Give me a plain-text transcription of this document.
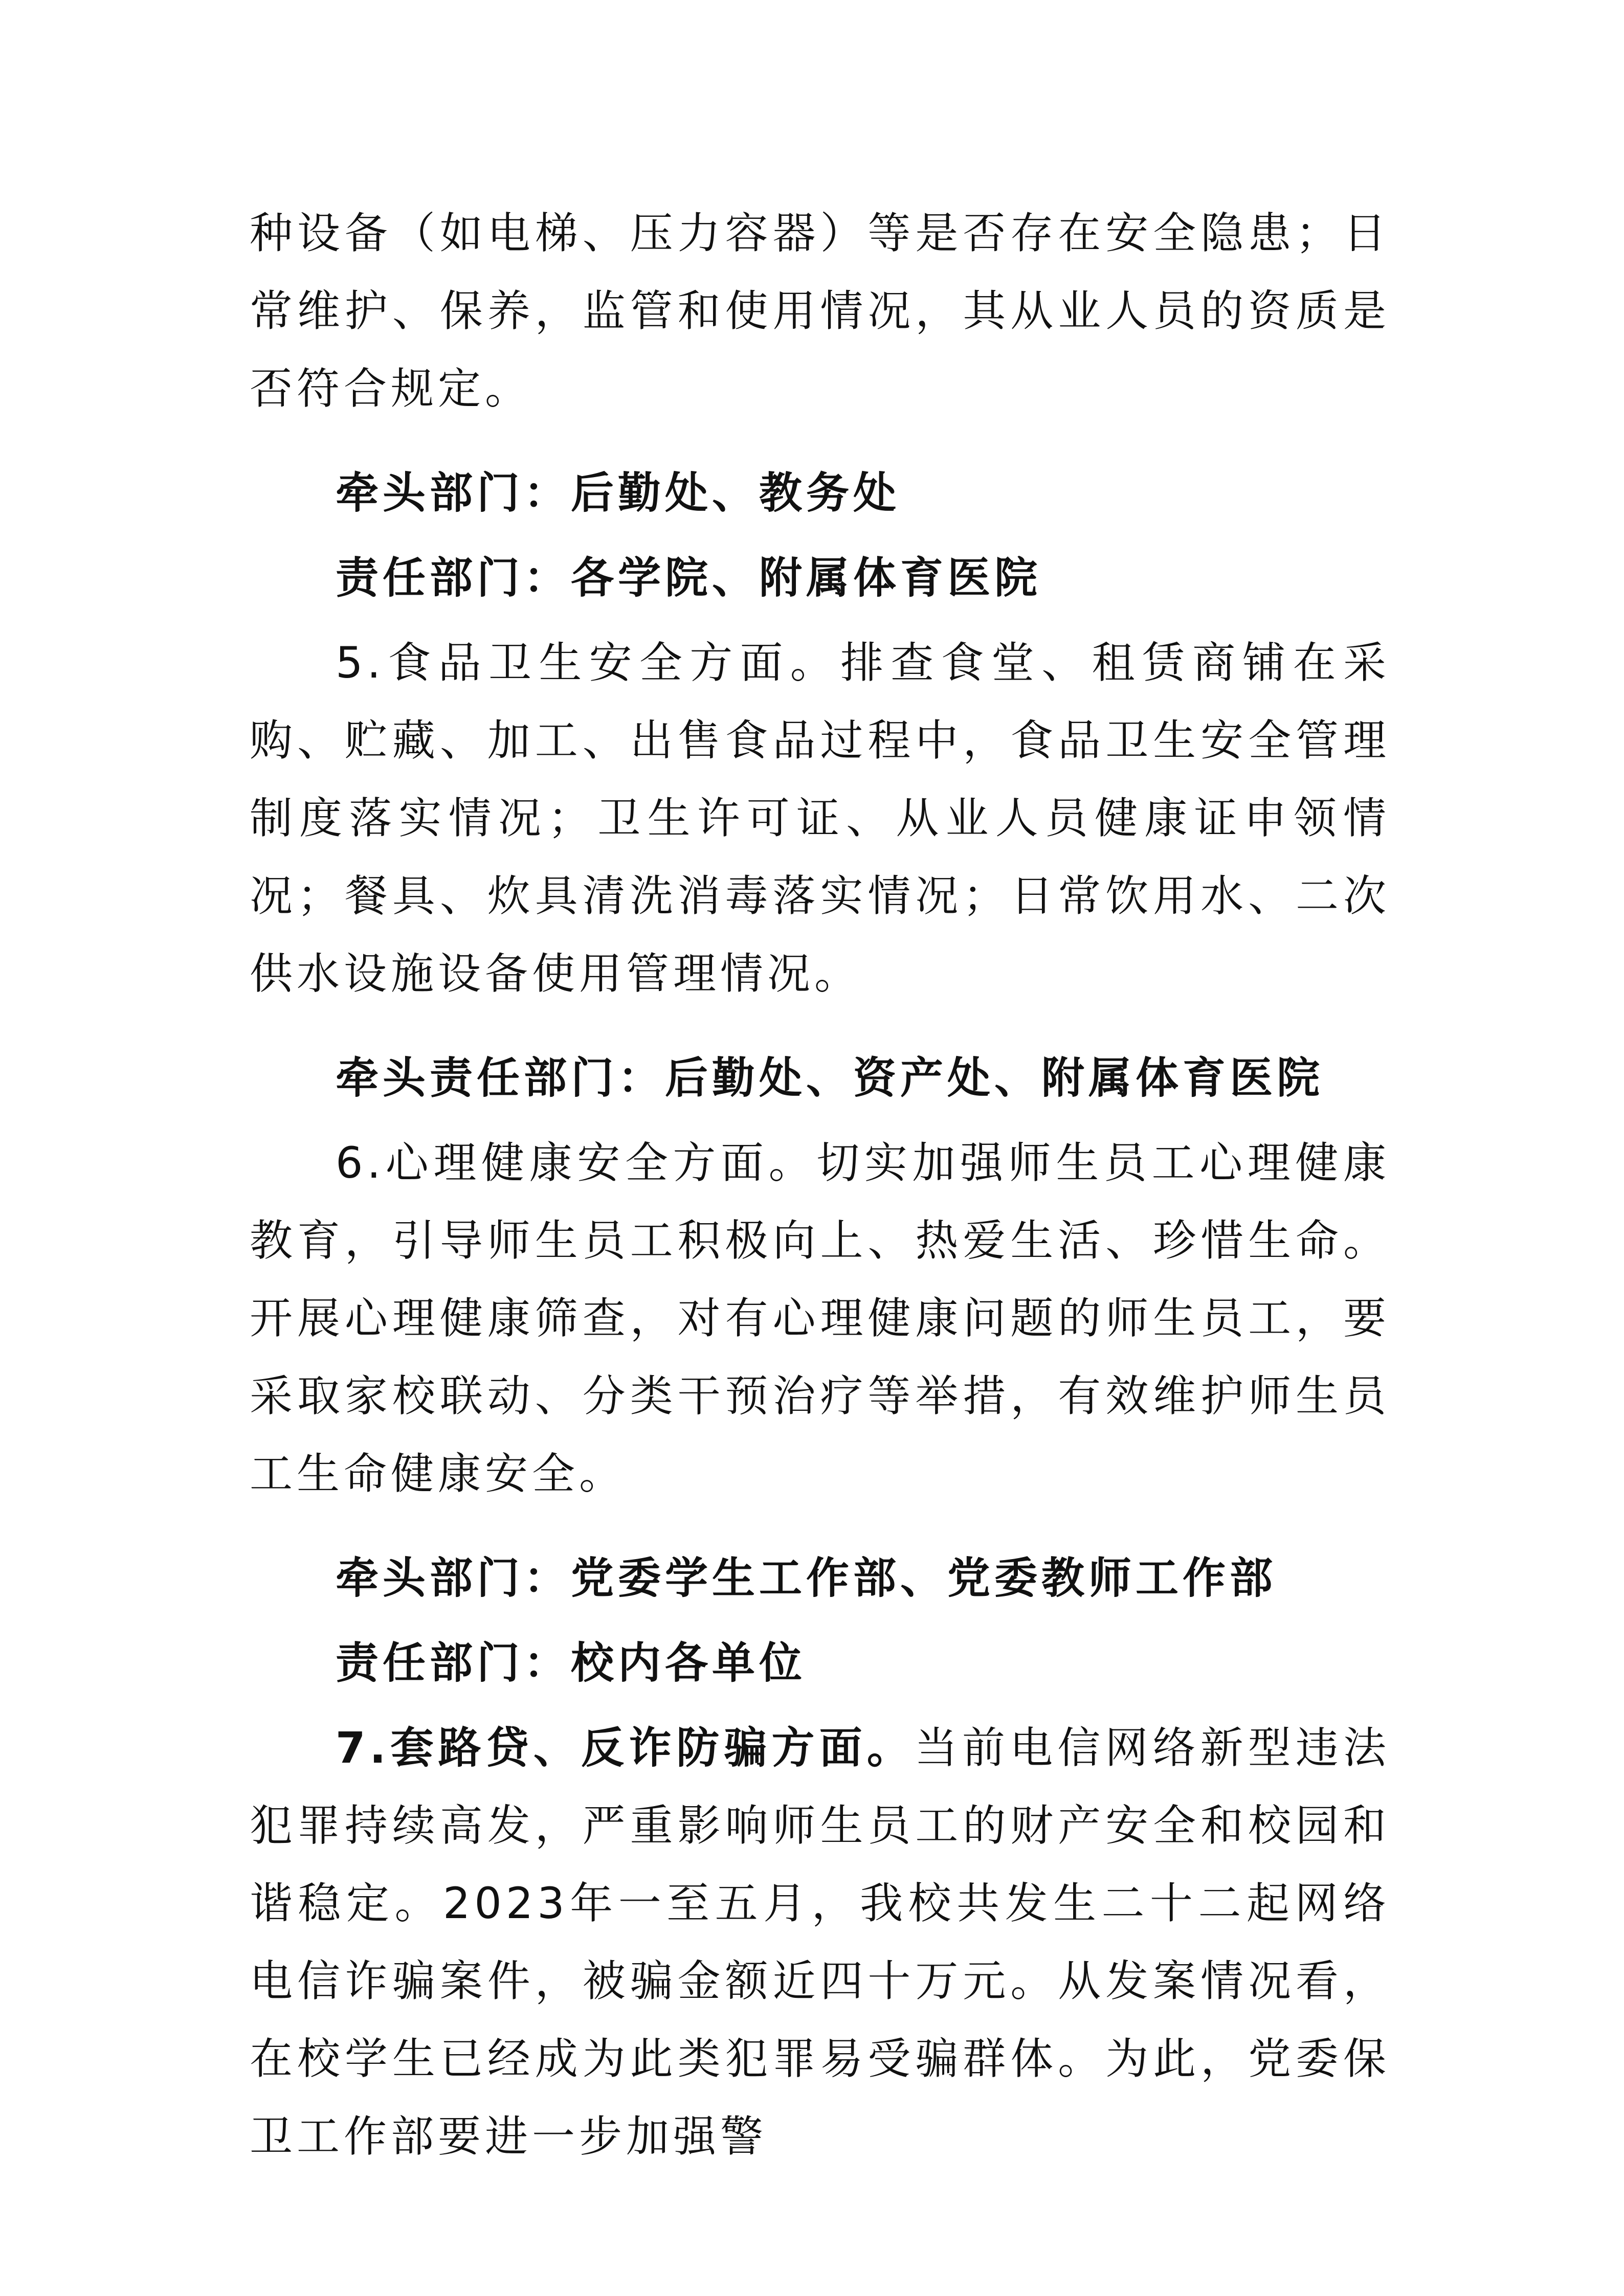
种设备（如电梯、压力容器）等是否存在安全隐患；日常维护、保养，监管和使用情况，其从业人员的资质是否符合规定。

牵头部门：后勤处、教务处

责任部门：各学院、附属体育医院

5.食品卫生安全方面。排查食堂、租赁商铺在采购、贮藏、加工、出售食品过程中，食品卫生安全管理制度落实情况；卫生许可证、从业人员健康证申领情况；餐具、炊具清洗消毒落实情况；日常饮用水、二次供水设施设备使用管理情况。

牵头责任部门：后勤处、资产处、附属体育医院

6.心理健康安全方面。切实加强师生员工心理健康教育，引导师生员工积极向上、热爱生活、珍惜生命。开展心理健康筛查，对有心理健康问题的师生员工，要采取家校联动、分类干预治疗等举措，有效维护师生员工生命健康安全。

牵头部门：党委学生工作部、党委教师工作部

责任部门：校内各单位

7.套路贷、反诈防骗方面。当前电信网络新型违法犯罪持续高发，严重影响师生员工的财产安全和校园和谐稳定。2023年一至五月，我校共发生二十二起网络电信诈骗案件，被骗金额近四十万元。从发案情况看，在校学生已经成为此类犯罪易受骗群体。为此，党委保卫工作部要进一步加强警
